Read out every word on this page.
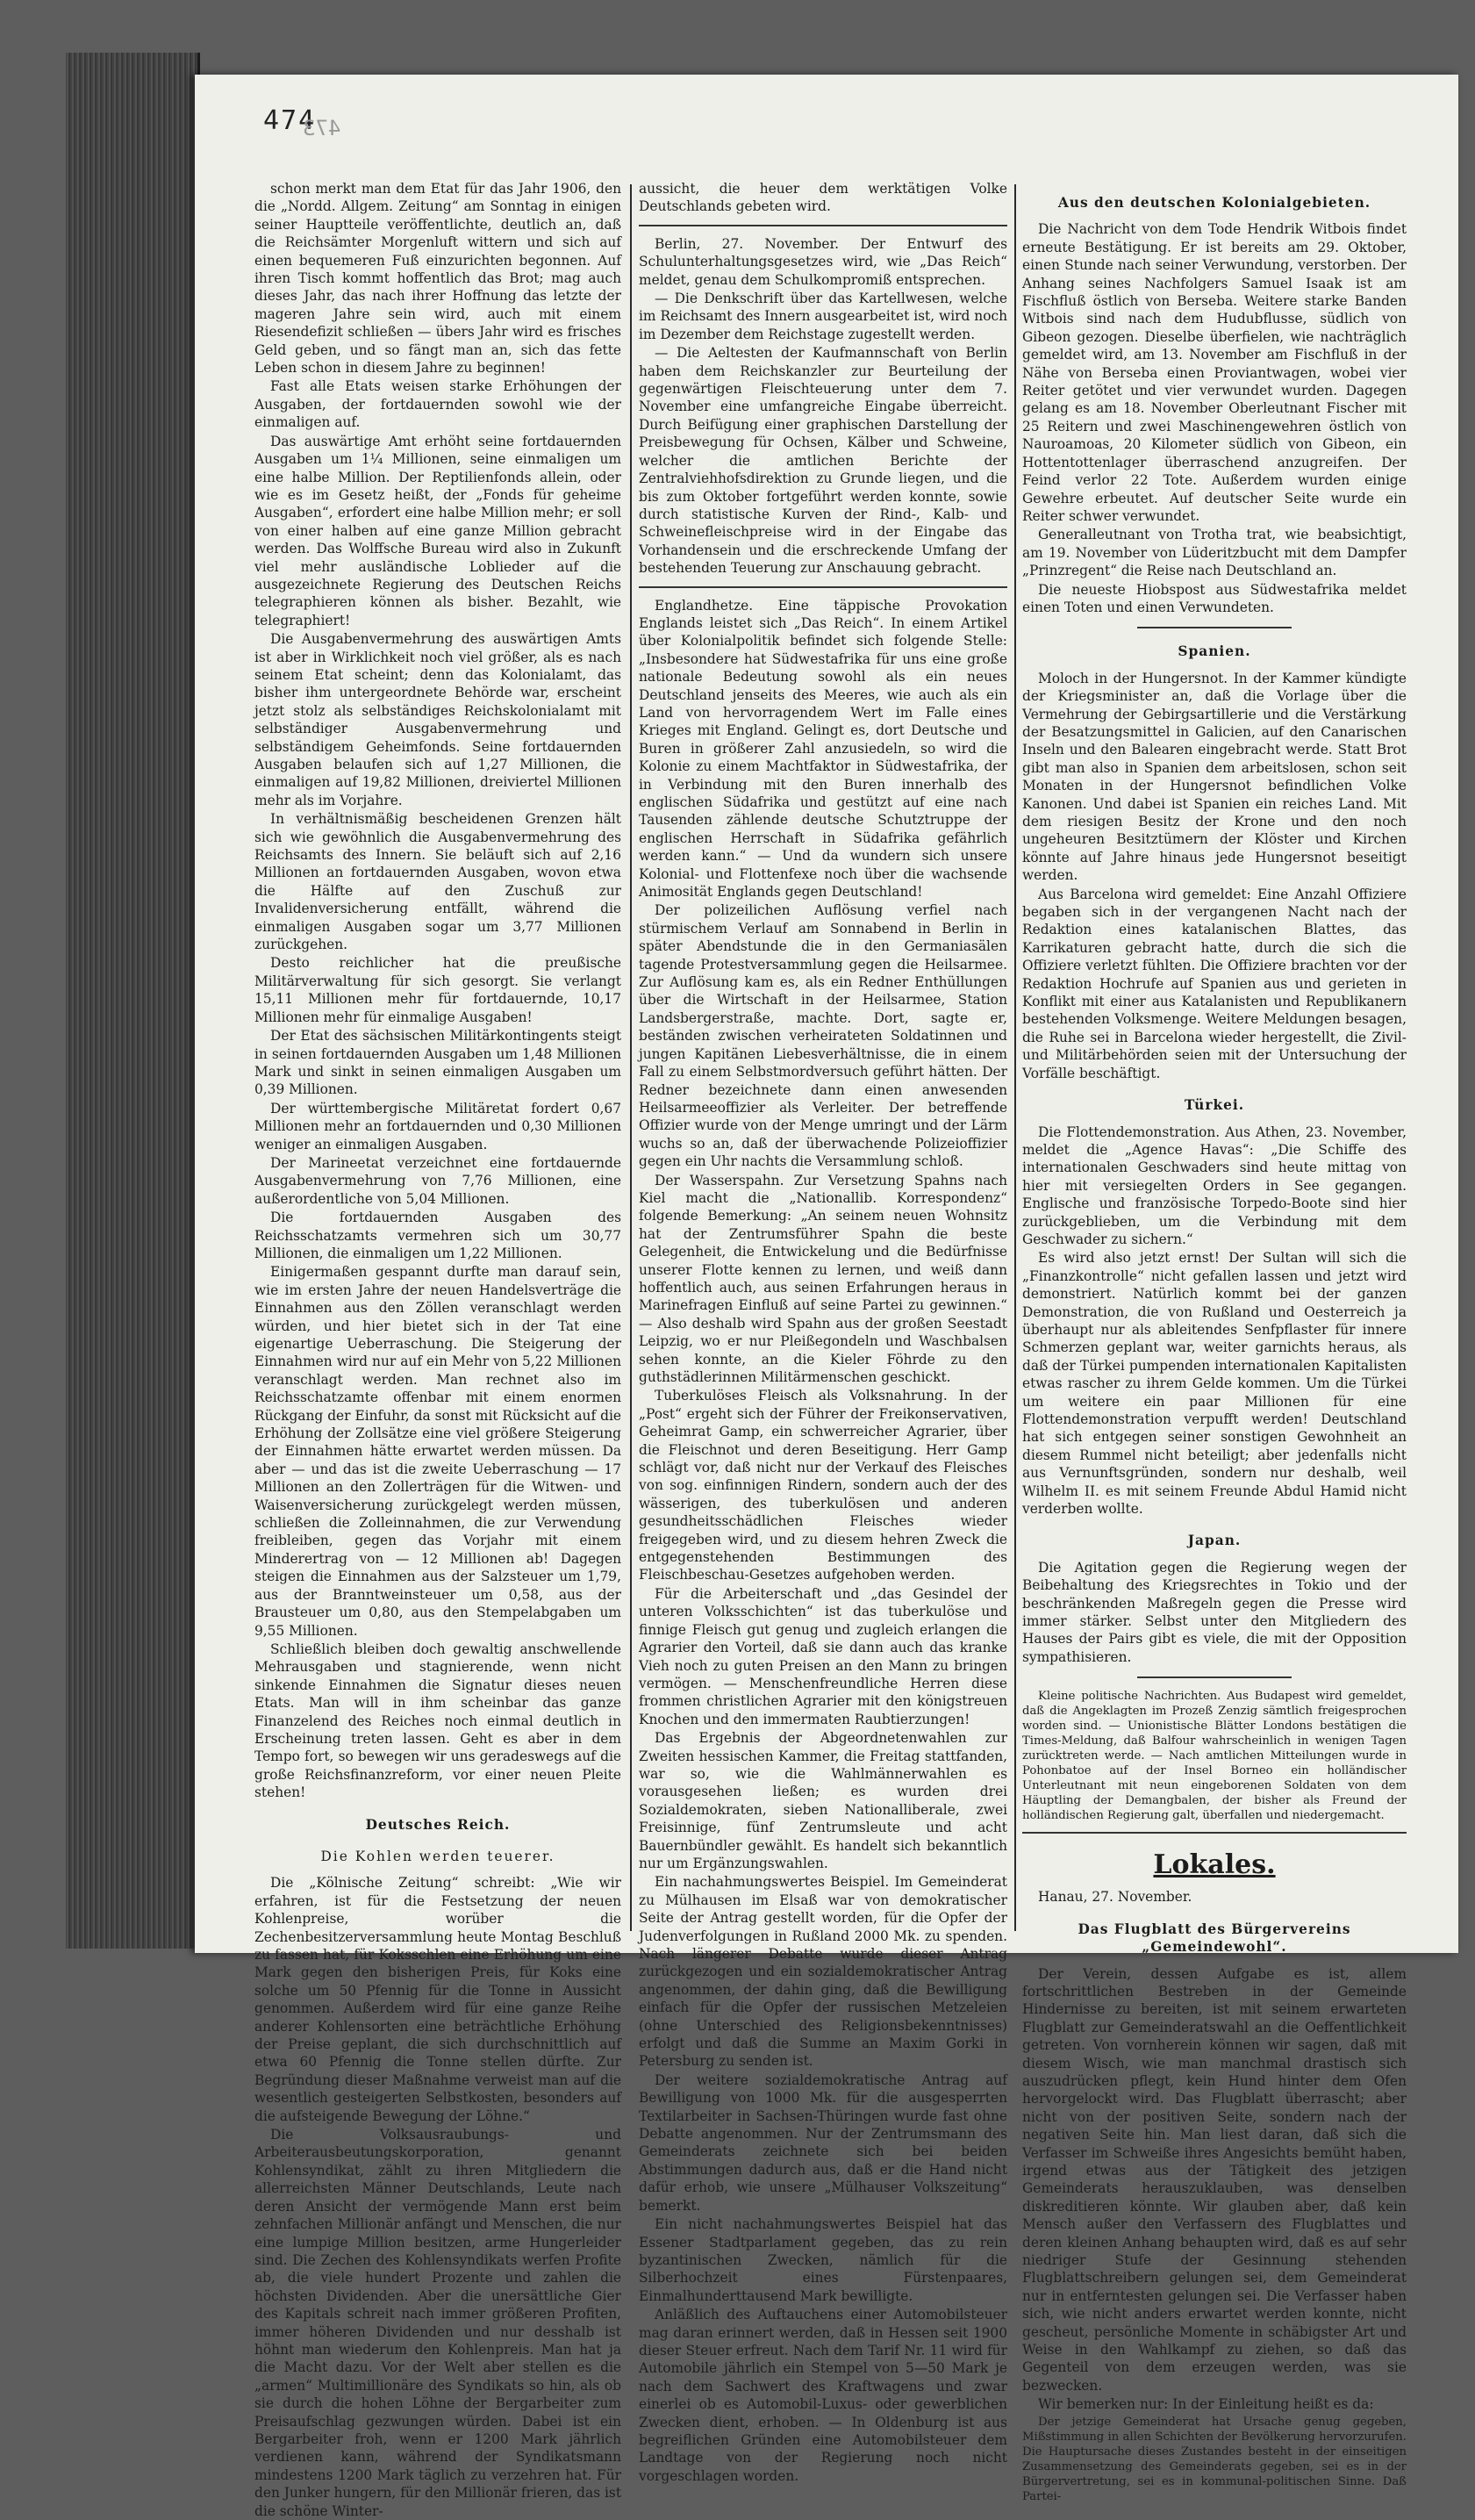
474
473

schon merkt man dem Etat für das Jahr 1906, den die „Nordd. Allgem. Zeitung“ am Sonntag in einigen seiner Hauptteile veröffentlichte, deutlich an, daß die Reichsämter Morgenluft wittern und sich auf einen bequemeren Fuß einzurichten begonnen. Auf ihren Tisch kommt hoffentlich das Brot; mag auch dieses Jahr, das nach ihrer Hoffnung das letzte der mageren Jahre sein wird, auch mit einem Riesendefizit schließen — übers Jahr wird es frisches Geld geben, und so fängt man an, sich das fette Leben schon in diesem Jahre zu beginnen!

Fast alle Etats weisen starke Erhöhungen der Ausgaben, der fortdauernden sowohl wie der einmaligen auf.

Das auswärtige Amt erhöht seine fortdauernden Ausgaben um 1¼ Millionen, seine einmaligen um eine halbe Million. Der Reptilienfonds allein, oder wie es im Gesetz heißt, der „Fonds für geheime Ausgaben“, erfordert eine halbe Million mehr; er soll von einer halben auf eine ganze Million gebracht werden. Das Wolffsche Bureau wird also in Zukunft viel mehr ausländische Loblieder auf die ausgezeichnete Regierung des Deutschen Reichs telegraphieren können als bisher. Bezahlt, wie telegraphiert!

Die Ausgabenvermehrung des auswärtigen Amts ist aber in Wirklichkeit noch viel größer, als es nach seinem Etat scheint; denn das Kolonialamt, das bisher ihm untergeordnete Behörde war, erscheint jetzt stolz als selbständiges Reichskolonialamt mit selbständiger Ausgabenvermehrung und selbständigem Geheimfonds. Seine fortdauernden Ausgaben belaufen sich auf 1,27 Millionen, die einmaligen auf 19,82 Millionen, dreiviertel Millionen mehr als im Vorjahre.

In verhältnismäßig bescheidenen Grenzen hält sich wie gewöhnlich die Ausgabenvermehrung des Reichsamts des Innern. Sie beläuft sich auf 2,16 Millionen an fortdauernden Ausgaben, wovon etwa die Hälfte auf den Zuschuß zur Invalidenversicherung entfällt, während die einmaligen Ausgaben sogar um 3,77 Millionen zurückgehen.

Desto reichlicher hat die preußische Militärverwaltung für sich gesorgt. Sie verlangt 15,11 Millionen mehr für fortdauernde, 10,17 Millionen mehr für einmalige Ausgaben!

Der Etat des sächsischen Militärkontingents steigt in seinen fortdauernden Ausgaben um 1,48 Millionen Mark und sinkt in seinen einmaligen Ausgaben um 0,39 Millionen.

Der württembergische Militäretat fordert 0,67 Millionen mehr an fortdauernden und 0,30 Millionen weniger an einmaligen Ausgaben.

Der Marineetat verzeichnet eine fortdauernde Ausgabenvermehrung von 7,76 Millionen, eine außerordentliche von 5,04 Millionen.

Die fortdauernden Ausgaben des Reichsschatzamts vermehren sich um 30,77 Millionen, die einmaligen um 1,22 Millionen.

Einigermaßen gespannt durfte man darauf sein, wie im ersten Jahre der neuen Handelsverträge die Einnahmen aus den Zöllen veranschlagt werden würden, und hier bietet sich in der Tat eine eigenartige Ueberraschung. Die Steigerung der Einnahmen wird nur auf ein Mehr von 5,22 Millionen veranschlagt werden. Man rechnet also im Reichsschatzamte offenbar mit einem enormen Rückgang der Einfuhr, da sonst mit Rücksicht auf die Erhöhung der Zollsätze eine viel größere Steigerung der Einnahmen hätte erwartet werden müssen. Da aber — und das ist die zweite Ueberraschung — 17 Millionen an den Zollerträgen für die Witwen- und Waisenversicherung zurückgelegt werden müssen, schließen die Zolleinnahmen, die zur Verwendung freibleiben, gegen das Vorjahr mit einem Minderertrag von — 12 Millionen ab! Dagegen steigen die Einnahmen aus der Salzsteuer um 1,79, aus der Branntweinsteuer um 0,58, aus der Brausteuer um 0,80, aus den Stempelabgaben um 9,55 Millionen.

Schließlich bleiben doch gewaltig anschwellende Mehrausgaben und stagnierende, wenn nicht sinkende Einnahmen die Signatur dieses neuen Etats. Man will in ihm scheinbar das ganze Finanzelend des Reiches noch einmal deutlich in Erscheinung treten lassen. Geht es aber in dem Tempo fort, so bewegen wir uns geradeswegs auf die große Reichsfinanzreform, vor einer neuen Pleite stehen!

Deutsches Reich.
Die Kohlen werden teuerer.

Die „Kölnische Zeitung“ schreibt: „Wie wir erfahren, ist für die Festsetzung der neuen Kohlenpreise, worüber die Zechenbesitzerversammlung heute Montag Beschluß zu fassen hat, für Koksschlen eine Erhöhung um eine Mark gegen den bisherigen Preis, für Koks eine solche um 50 Pfennig für die Tonne in Aussicht genommen. Außerdem wird für eine ganze Reihe anderer Kohlensorten eine beträchtliche Erhöhung der Preise geplant, die sich durchschnittlich auf etwa 60 Pfennig die Tonne stellen dürfte. Zur Begründung dieser Maßnahme verweist man auf die wesentlich gesteigerten Selbstkosten, besonders auf die aufsteigende Bewegung der Löhne.“

Die Volksausraubungs- und Arbeiterausbeutungskorporation, genannt Kohlensyndikat, zählt zu ihren Mitgliedern die allerreichsten Männer Deutschlands, Leute nach deren Ansicht der vermögende Mann erst beim zehnfachen Millionär anfängt und Menschen, die nur eine lumpige Million besitzen, arme Hungerleider sind. Die Zechen des Kohlensyndikats werfen Profite ab, die viele hundert Prozente und zahlen die höchsten Dividenden. Aber die unersättliche Gier des Kapitals schreit nach immer größeren Profiten, immer höheren Dividenden und nur desshalb ist höhnt man wiederum den Kohlenpreis. Man hat ja die Macht dazu. Vor der Welt aber stellen es die „armen“ Multimillionäre des Syndikats so hin, als ob sie durch die hohen Löhne der Bergarbeiter zum Preisaufschlag gezwungen würden. Dabei ist ein Bergarbeiter froh, wenn er 1200 Mark jährlich verdienen kann, während der Syndikatsmann mindestens 1200 Mark täglich zu verzehren hat. Für den Junker hungern, für den Millionär frieren, das ist die schöne Winter-

aussicht, die heuer dem werktätigen Volke Deutschlands gebeten wird.

Berlin, 27. November. Der Entwurf des Schulunterhaltungsgesetzes wird, wie „Das Reich“ meldet, genau dem Schulkompromiß entsprechen.

— Die Denkschrift über das Kartellwesen, welche im Reichsamt des Innern ausgearbeitet ist, wird noch im Dezember dem Reichstage zugestellt werden.

— Die Aeltesten der Kaufmannschaft von Berlin haben dem Reichskanzler zur Beurteilung der gegenwärtigen Fleischteuerung unter dem 7. November eine umfangreiche Eingabe überreicht. Durch Beifügung einer graphischen Darstellung der Preisbewegung für Ochsen, Kälber und Schweine, welcher die amtlichen Berichte der Zentralviehhofsdirektion zu Grunde liegen, und die bis zum Oktober fortgeführt werden konnte, sowie durch statistische Kurven der Rind-, Kalb- und Schweinefleischpreise wird in der Eingabe das Vorhandensein und die erschreckende Umfang der bestehenden Teuerung zur Anschauung gebracht.

Englandhetze. Eine täppische Provokation Englands leistet sich „Das Reich“. In einem Artikel über Kolonialpolitik befindet sich folgende Stelle: „Insbesondere hat Südwestafrika für uns eine große nationale Bedeutung sowohl als ein neues Deutschland jenseits des Meeres, wie auch als ein Land von hervorragendem Wert im Falle eines Krieges mit England. Gelingt es, dort Deutsche und Buren in größerer Zahl anzusiedeln, so wird die Kolonie zu einem Machtfaktor in Südwestafrika, der in Verbindung mit den Buren innerhalb des englischen Südafrika und gestützt auf eine nach Tausenden zählende deutsche Schutztruppe der englischen Herrschaft in Südafrika gefährlich werden kann.“ — Und da wundern sich unsere Kolonial- und Flottenfexe noch über die wachsende Animosität Englands gegen Deutschland!

Der polizeilichen Auflösung verfiel nach stürmischem Verlauf am Sonnabend in Berlin in später Abendstunde die in den Germaniasälen tagende Protestversammlung gegen die Heilsarmee. Zur Auflösung kam es, als ein Redner Enthüllungen über die Wirtschaft in der Heilsarmee, Station Landsbergerstraße, machte. Dort, sagte er, beständen zwischen verheirateten Soldatinnen und jungen Kapitänen Liebesverhältnisse, die in einem Fall zu einem Selbstmordversuch geführt hätten. Der Redner bezeichnete dann einen anwesenden Heilsarmeeoffizier als Verleiter. Der betreffende Offizier wurde von der Menge umringt und der Lärm wuchs so an, daß der überwachende Polizeioffizier gegen ein Uhr nachts die Versammlung schloß.

Der Wasserspahn. Zur Versetzung Spahns nach Kiel macht die „Nationallib. Korrespondenz“ folgende Bemerkung: „An seinem neuen Wohnsitz hat der Zentrumsführer Spahn die beste Gelegenheit, die Entwickelung und die Bedürfnisse unserer Flotte kennen zu lernen, und weiß dann hoffentlich auch, aus seinen Erfahrungen heraus in Marinefragen Einfluß auf seine Partei zu gewinnen.“ — Also deshalb wird Spahn aus der großen Seestadt Leipzig, wo er nur Pleißegondeln und Waschbalsen sehen konnte, an die Kieler Föhrde zu den guthstädlerinnen Militärmenschen geschickt.

Tuberkulöses Fleisch als Volksnahrung. In der „Post“ ergeht sich der Führer der Freikonservativen, Geheimrat Gamp, ein schwerreicher Agrarier, über die Fleischnot und deren Beseitigung. Herr Gamp schlägt vor, daß nicht nur der Verkauf des Fleisches von sog. einfinnigen Rindern, sondern auch der des wässerigen, des tuberkulösen und anderen gesundheitsschädlichen Fleisches wieder freigegeben wird, und zu diesem hehren Zweck die entgegenstehenden Bestimmungen des Fleischbeschau-Gesetzes aufgehoben werden.

Für die Arbeiterschaft und „das Gesindel der unteren Volksschichten“ ist das tuberkulöse und finnige Fleisch gut genug und zugleich erlangen die Agrarier den Vorteil, daß sie dann auch das kranke Vieh noch zu guten Preisen an den Mann zu bringen vermögen. — Menschenfreundliche Herren diese frommen christlichen Agrarier mit den königstreuen Knochen und den immermaten Raubtierzungen!

Das Ergebnis der Abgeordnetenwahlen zur Zweiten hessischen Kammer, die Freitag stattfanden, war so, wie die Wahlmännerwahlen es vorausgesehen ließen; es wurden drei Sozialdemokraten, sieben Nationalliberale, zwei Freisinnige, fünf Zentrumsleute und acht Bauernbündler gewählt. Es handelt sich bekanntlich nur um Ergänzungswahlen.

Ein nachahmungswertes Beispiel. Im Gemeinderat zu Mülhausen im Elsaß war von demokratischer Seite der Antrag gestellt worden, für die Opfer der Judenverfolgungen in Rußland 2000 Mk. zu spenden. Nach längerer Debatte wurde dieser Antrag zurückgezogen und ein sozialdemokratischer Antrag angenommen, der dahin ging, daß die Bewilligung einfach für die Opfer der russischen Metzeleien (ohne Unterschied des Religionsbekenntnisses) erfolgt und daß die Summe an Maxim Gorki in Petersburg zu senden ist.

Der weitere sozialdemokratische Antrag auf Bewilligung von 1000 Mk. für die ausgesperrten Textilarbeiter in Sachsen-Thüringen wurde fast ohne Debatte angenommen. Nur der Zentrumsmann des Gemeinderats zeichnete sich bei beiden Abstimmungen dadurch aus, daß er die Hand nicht dafür erhob, wie unsere „Mülhauser Volkszeitung“ bemerkt.

Ein nicht nachahmungswertes Beispiel hat das Essener Stadtparlament gegeben, das zu rein byzantinischen Zwecken, nämlich für die Silberhochzeit eines Fürstenpaares, Einmalhunderttausend Mark bewilligte.

Anläßlich des Auftauchens einer Automobilsteuer mag daran erinnert werden, daß in Hessen seit 1900 dieser Steuer erfreut. Nach dem Tarif Nr. 11 wird für Automobile jährlich ein Stempel von 5—50 Mark je nach dem Sachwert des Kraftwagens und zwar einerlei ob es Automobil-Luxus- oder gewerblichen Zwecken dient, erhoben. — In Oldenburg ist aus begreiflichen Gründen eine Automobilsteuer dem Landtage von der Regierung noch nicht vorgeschlagen worden.

Aus den deutschen Kolonialgebieten.

Die Nachricht von dem Tode Hendrik Witbois findet erneute Bestätigung. Er ist bereits am 29. Oktober, einen Stunde nach seiner Verwundung, verstorben. Der Anhang seines Nachfolgers Samuel Isaak ist am Fischfluß östlich von Berseba. Weitere starke Banden Witbois sind nach dem Hudubflusse, südlich von Gibeon gezogen. Dieselbe überfielen, wie nachträglich gemeldet wird, am 13. November am Fischfluß in der Nähe von Berseba einen Proviantwagen, wobei vier Reiter getötet und vier verwundet wurden. Dagegen gelang es am 18. November Oberleutnant Fischer mit 25 Reitern und zwei Maschinengewehren östlich von Nauroamoas, 20 Kilometer südlich von Gibeon, ein Hottentottenlager überraschend anzugreifen. Der Feind verlor 22 Tote. Außerdem wurden einige Gewehre erbeutet. Auf deutscher Seite wurde ein Reiter schwer verwundet.

Generalleutnant von Trotha trat, wie beabsichtigt, am 19. November von Lüderitzbucht mit dem Dampfer „Prinzregent“ die Reise nach Deutschland an.

Die neueste Hiobspost aus Südwestafrika meldet einen Toten und einen Verwundeten.

Spanien.

Moloch in der Hungersnot. In der Kammer kündigte der Kriegsminister an, daß die Vorlage über die Vermehrung der Gebirgsartillerie und die Verstärkung der Besatzungsmittel in Galicien, auf den Canarischen Inseln und den Balearen eingebracht werde. Statt Brot gibt man also in Spanien dem arbeitslosen, schon seit Monaten in der Hungersnot befindlichen Volke Kanonen. Und dabei ist Spanien ein reiches Land. Mit dem riesigen Besitz der Krone und den noch ungeheuren Besitztümern der Klöster und Kirchen könnte auf Jahre hinaus jede Hungersnot beseitigt werden.

Aus Barcelona wird gemeldet: Eine Anzahl Offiziere begaben sich in der vergangenen Nacht nach der Redaktion eines katalanischen Blattes, das Karrikaturen gebracht hatte, durch die sich die Offiziere verletzt fühlten. Die Offiziere brachten vor der Redaktion Hochrufe auf Spanien aus und gerieten in Konflikt mit einer aus Katalanisten und Republikanern bestehenden Volksmenge. Weitere Meldungen besagen, die Ruhe sei in Barcelona wieder hergestellt, die Zivil- und Militärbehörden seien mit der Untersuchung der Vorfälle beschäftigt.

Türkei.

Die Flottendemonstration. Aus Athen, 23. November, meldet die „Agence Havas“: „Die Schiffe des internationalen Geschwaders sind heute mittag von hier mit versiegelten Orders in See gegangen. Englische und französische Torpedo-Boote sind hier zurückgeblieben, um die Verbindung mit dem Geschwader zu sichern.“

Es wird also jetzt ernst! Der Sultan will sich die „Finanzkontrolle“ nicht gefallen lassen und jetzt wird demonstriert. Natürlich kommt bei der ganzen Demonstration, die von Rußland und Oesterreich ja überhaupt nur als ableitendes Senfpflaster für innere Schmerzen geplant war, weiter garnichts heraus, als daß der Türkei pumpenden internationalen Kapitalisten etwas rascher zu ihrem Gelde kommen. Um die Türkei um weitere ein paar Millionen für eine Flottendemonstration verpufft werden! Deutschland hat sich entgegen seiner sonstigen Gewohnheit an diesem Rummel nicht beteiligt; aber jedenfalls nicht aus Vernunftsgründen, sondern nur deshalb, weil Wilhelm II. es mit seinem Freunde Abdul Hamid nicht verderben wollte.

Japan.

Die Agitation gegen die Regierung wegen der Beibehaltung des Kriegsrechtes in Tokio und der beschränkenden Maßregeln gegen die Presse wird immer stärker. Selbst unter den Mitgliedern des Hauses der Pairs gibt es viele, die mit der Opposition sympathisieren.

Kleine politische Nachrichten. Aus Budapest wird gemeldet, daß die Angeklagten im Prozeß Zenzig sämtlich freigesprochen worden sind. — Unionistische Blätter Londons bestätigen die Times-Meldung, daß Balfour wahrscheinlich in wenigen Tagen zurücktreten werde. — Nach amtlichen Mitteilungen wurde in Pohonbatoe auf der Insel Borneo ein holländischer Unterleutnant mit neun eingeborenen Soldaten von dem Häuptling der Demangbalen, der bisher als Freund der holländischen Regierung galt, überfallen und niedergemacht.

Lokales.

Hanau, 27. November.

Das Flugblatt des Bürgervereins „Gemeindewohl“.

Der Verein, dessen Aufgabe es ist, allem fortschrittlichen Bestreben in der Gemeinde Hindernisse zu bereiten, ist mit seinem erwarteten Flugblatt zur Gemeinderatswahl an die Oeffentlichkeit getreten. Von vornherein können wir sagen, daß mit diesem Wisch, wie man manchmal drastisch sich auszudrücken pflegt, kein Hund hinter dem Ofen hervorgelockt wird. Das Flugblatt überrascht; aber nicht von der positiven Seite, sondern nach der negativen Seite hin. Man liest daran, daß sich die Verfasser im Schweiße ihres Angesichts bemüht haben, irgend etwas aus der Tätigkeit des jetzigen Gemeinderats herauszuklauben, was denselben diskreditieren könnte. Wir glauben aber, daß kein Mensch außer den Verfassern des Flugblattes und deren kleinen Anhang behaupten wird, daß es auf sehr niedriger Stufe der Gesinnung stehenden Flugblattschreibern gelungen sei, dem Gemeinderat nur in entferntesten gelungen sei. Die Verfasser haben sich, wie nicht anders erwartet werden konnte, nicht gescheut, persönliche Momente in schäbigster Art und Weise in den Wahlkampf zu ziehen, so daß das Gegenteil von dem erzeugen werden, was sie bezwecken.

Wir bemerken nur: In der Einleitung heißt es da:

Der jetzige Gemeinderat hat Ursache genug gegeben, Mißstimmung in allen Schichten der Bevölkerung hervorzurufen. Die Hauptursache dieses Zustandes besteht in der einseitigen Zusammensetzung des Gemeinderats gegeben, sei es in der Bürgervertretung, sei es in kommunal-politischen Sinne. Daß Partei-
